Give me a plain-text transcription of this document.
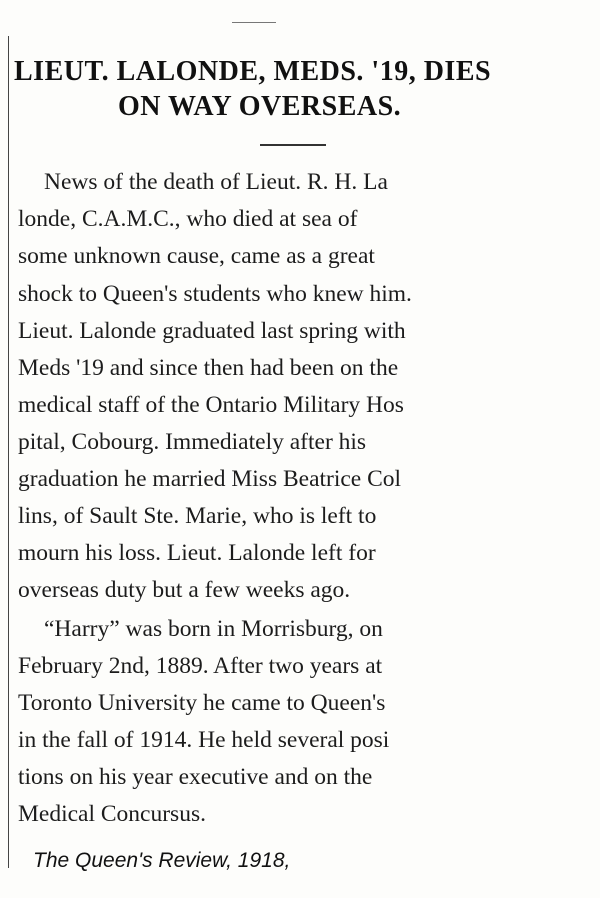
LIEUT. LALONDE, MEDS. '19, DIES
ON WAY OVERSEAS.

News of the death of Lieut. R. H. La

londe, C.A.M.C., who died at sea of

some unknown cause, came as a great

shock to Queen's students who knew him.

Lieut. Lalonde graduated last spring with

Meds '19 and since then had been on the

medical staff of the Ontario Military Hos

pital, Cobourg. Immediately after his

graduation he married Miss Beatrice Col

lins, of Sault Ste. Marie, who is left to

mourn his loss. Lieut. Lalonde left for

overseas duty but a few weeks ago.

“Harry” was born in Morrisburg, on

February 2nd, 1889. After two years at

Toronto University he came to Queen's

in the fall of 1914. He held several posi

tions on his year executive and on the

Medical Concursus.

The Queen's Review, 1918,
